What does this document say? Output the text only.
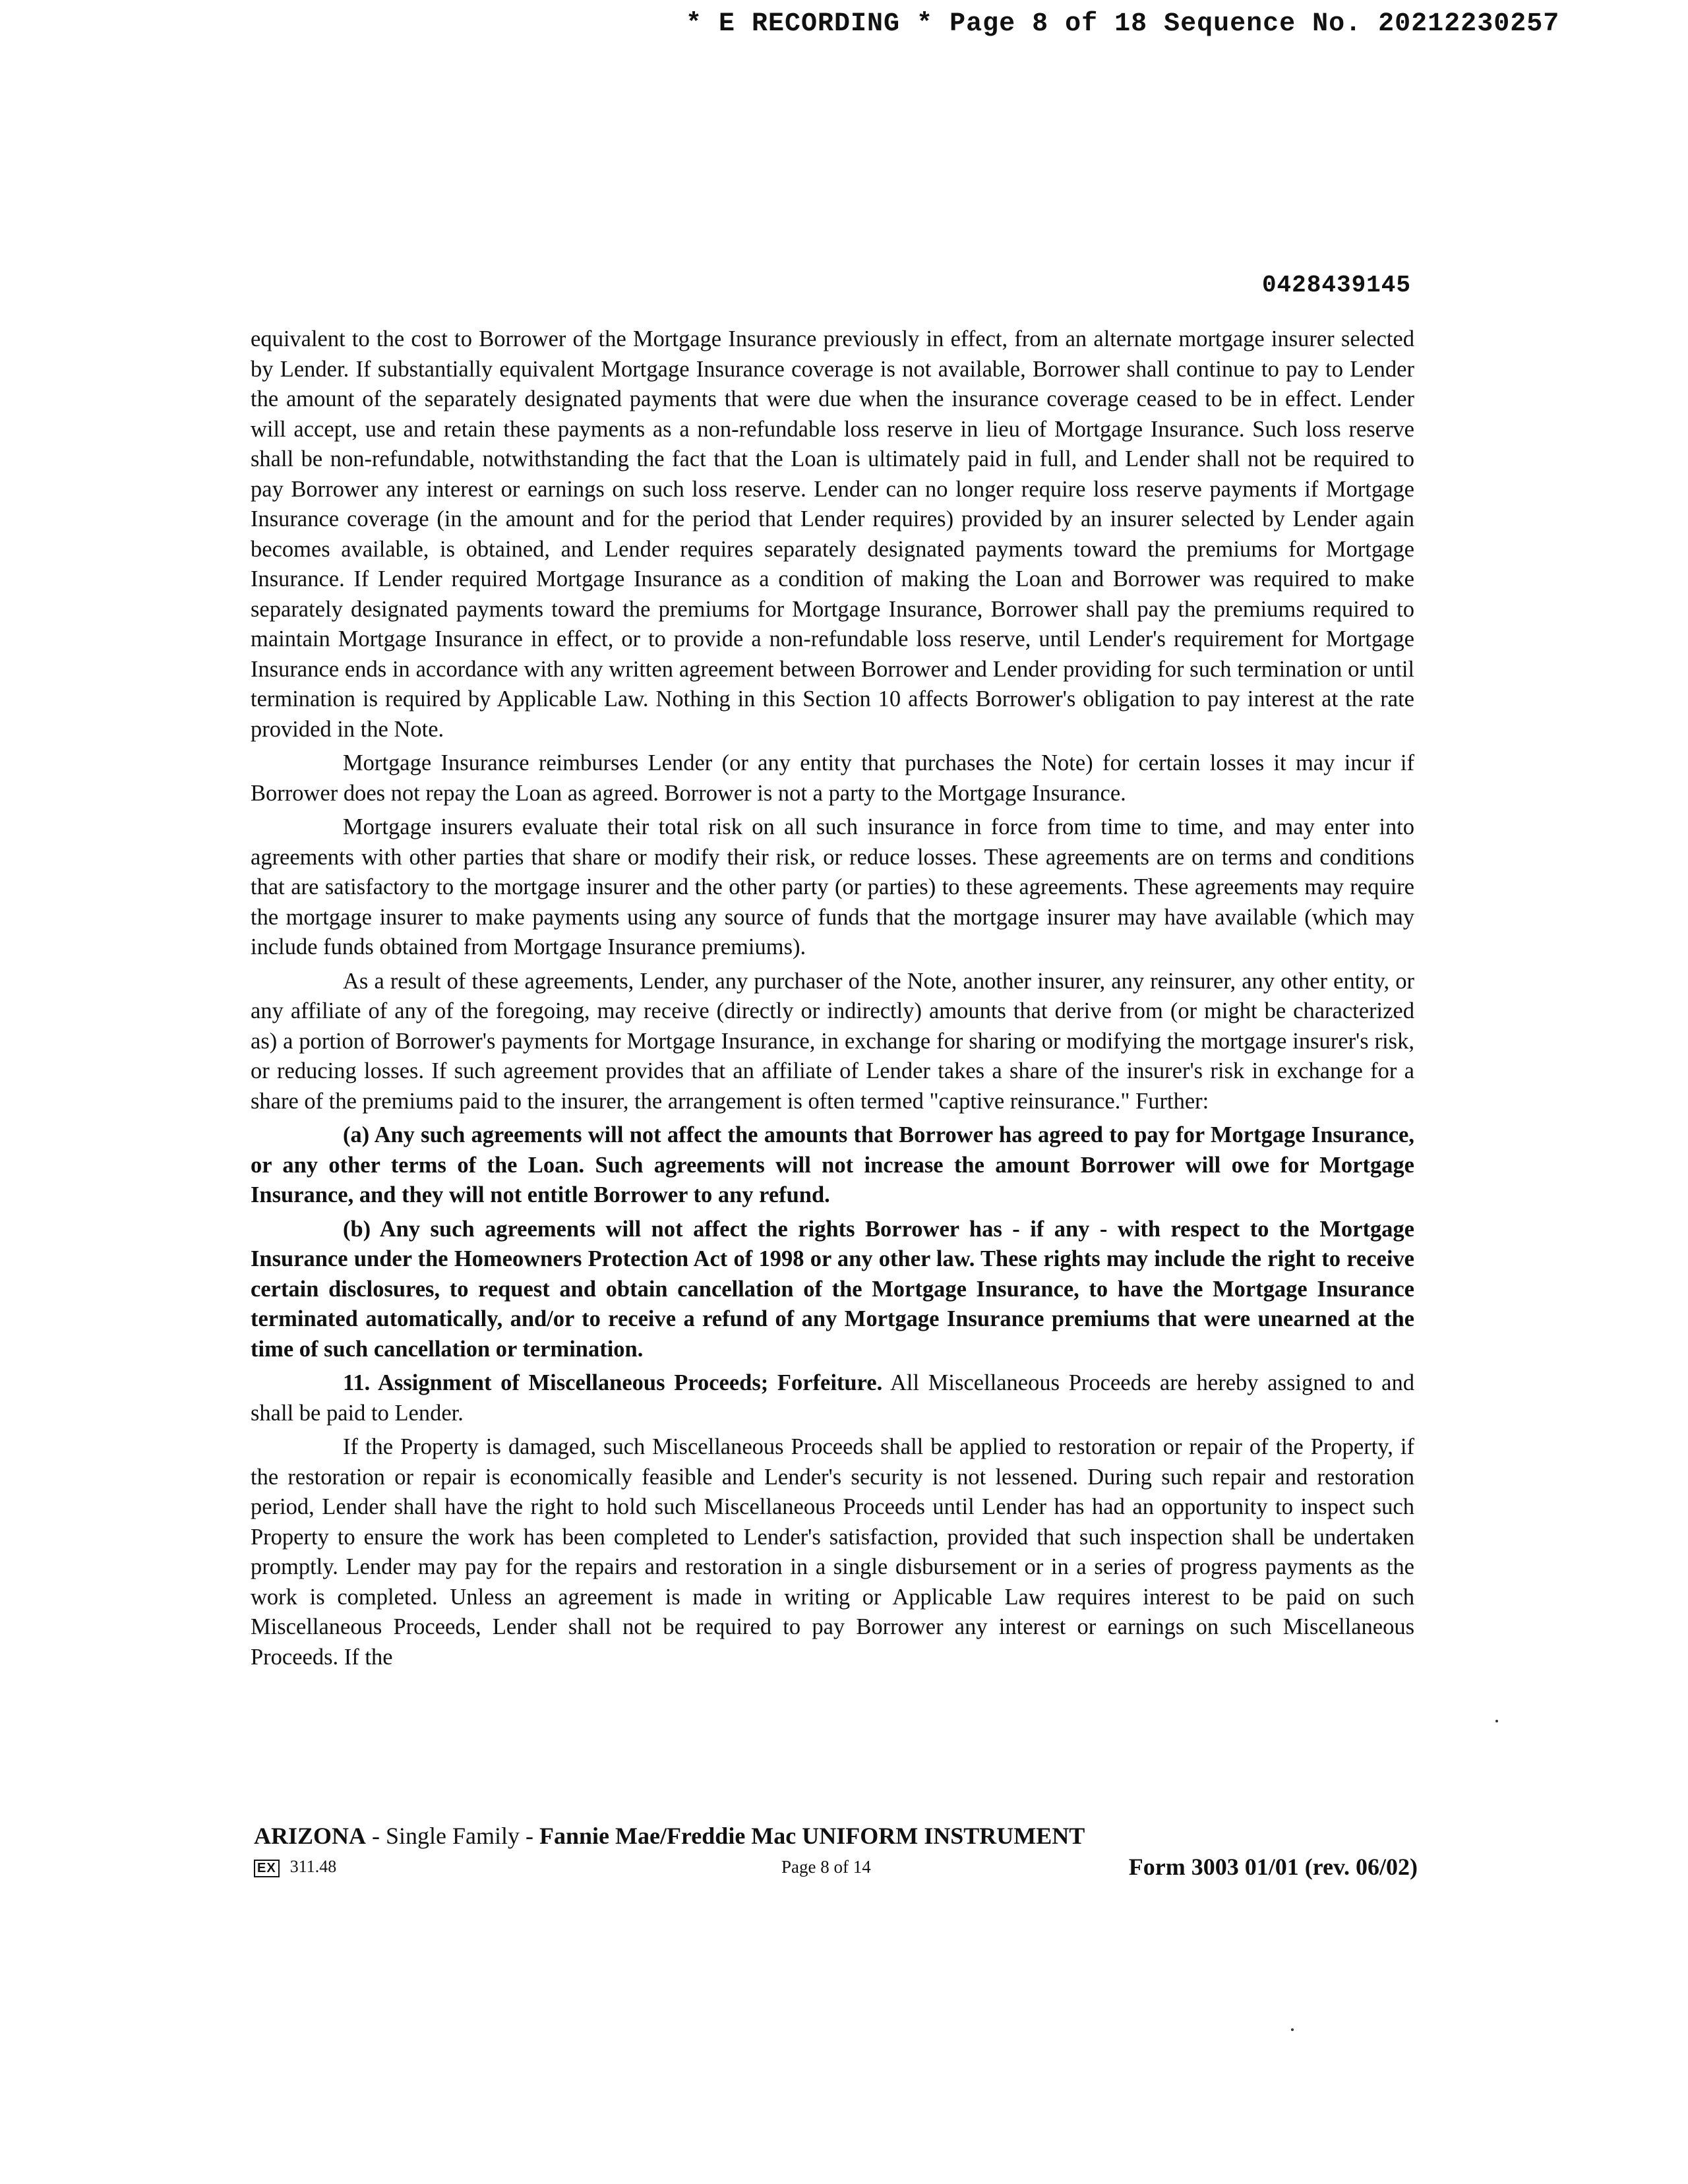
* E RECORDING * Page 8 of 18 Sequence No. 20212230257
0428439145

equivalent to the cost to Borrower of the Mortgage Insurance previously in effect, from an alternate mortgage insurer selected by Lender. If substantially equivalent Mortgage Insurance coverage is not available, Borrower shall continue to pay to Lender the amount of the separately designated payments that were due when the insurance coverage ceased to be in effect. Lender will accept, use and retain these payments as a non-refundable loss reserve in lieu of Mortgage Insurance. Such loss reserve shall be non-refundable, notwithstanding the fact that the Loan is ultimately paid in full, and Lender shall not be required to pay Borrower any interest or earnings on such loss reserve. Lender can no longer require loss reserve payments if Mortgage Insurance coverage (in the amount and for the period that Lender requires) provided by an insurer selected by Lender again becomes available, is obtained, and Lender requires separately designated payments toward the premiums for Mortgage Insurance. If Lender required Mortgage Insurance as a condition of making the Loan and Borrower was required to make separately designated payments toward the premiums for Mortgage Insurance, Borrower shall pay the premiums required to maintain Mortgage Insurance in effect, or to provide a non-refundable loss reserve, until Lender's requirement for Mortgage Insurance ends in accordance with any written agreement between Borrower and Lender providing for such termination or until termination is required by Applicable Law. Nothing in this Section 10 affects Borrower's obligation to pay interest at the rate provided in the Note.

Mortgage Insurance reimburses Lender (or any entity that purchases the Note) for certain losses it may incur if Borrower does not repay the Loan as agreed. Borrower is not a party to the Mortgage Insurance.

Mortgage insurers evaluate their total risk on all such insurance in force from time to time, and may enter into agreements with other parties that share or modify their risk, or reduce losses. These agreements are on terms and conditions that are satisfactory to the mortgage insurer and the other party (or parties) to these agreements. These agreements may require the mortgage insurer to make payments using any source of funds that the mortgage insurer may have available (which may include funds obtained from Mortgage Insurance premiums).

As a result of these agreements, Lender, any purchaser of the Note, another insurer, any reinsurer, any other entity, or any affiliate of any of the foregoing, may receive (directly or indirectly) amounts that derive from (or might be characterized as) a portion of Borrower's payments for Mortgage Insurance, in exchange for sharing or modifying the mortgage insurer's risk, or reducing losses. If such agreement provides that an affiliate of Lender takes a share of the insurer's risk in exchange for a share of the premiums paid to the insurer, the arrangement is often termed "captive reinsurance." Further:

(a) Any such agreements will not affect the amounts that Borrower has agreed to pay for Mortgage Insurance, or any other terms of the Loan. Such agreements will not increase the amount Borrower will owe for Mortgage Insurance, and they will not entitle Borrower to any refund.

(b) Any such agreements will not affect the rights Borrower has - if any - with respect to the Mortgage Insurance under the Homeowners Protection Act of 1998 or any other law. These rights may include the right to receive certain disclosures, to request and obtain cancellation of the Mortgage Insurance, to have the Mortgage Insurance terminated automatically, and/or to receive a refund of any Mortgage Insurance premiums that were unearned at the time of such cancellation or termination.

11. Assignment of Miscellaneous Proceeds; Forfeiture. All Miscellaneous Proceeds are hereby assigned to and shall be paid to Lender.

If the Property is damaged, such Miscellaneous Proceeds shall be applied to restoration or repair of the Property, if the restoration or repair is economically feasible and Lender's security is not lessened. During such repair and restoration period, Lender shall have the right to hold such Miscellaneous Proceeds until Lender has had an opportunity to inspect such Property to ensure the work has been completed to Lender's satisfaction, provided that such inspection shall be undertaken promptly. Lender may pay for the repairs and restoration in a single disbursement or in a series of progress payments as the work is completed. Unless an agreement is made in writing or Applicable Law requires interest to be paid on such Miscellaneous Proceeds, Lender shall not be required to pay Borrower any interest or earnings on such Miscellaneous Proceeds. If the

ARIZONA - Single Family - Fannie Mae/Freddie Mac UNIFORM INSTRUMENT
EX 311.48	Page 8 of 14	Form 3003 01/01 (rev. 06/02)
